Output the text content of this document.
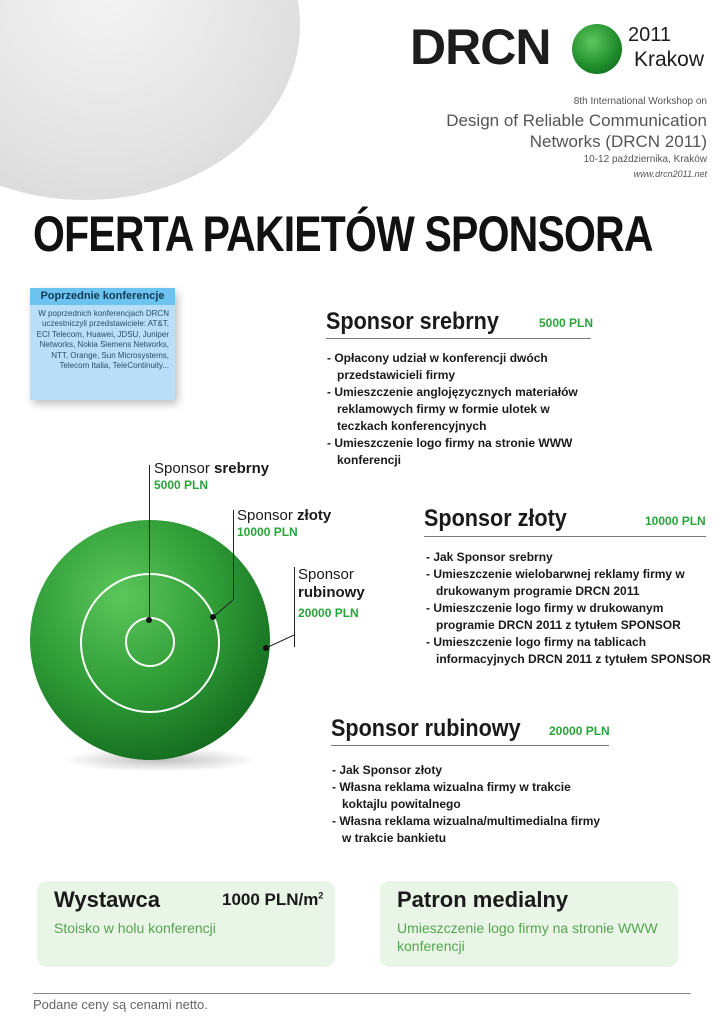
DRCN	2011
Krakow
8th International Workshop on
Design of Reliable Communication
Networks (DRCN 2011)
10-12 października, Kraków
www.drcn2011.net
OFERTA PAKIETÓW SPONSORA
Poprzednie konferencje
W poprzednich konferencjach DRCN uczestniczyli przedstawiciele: AT&T, ECI Telecom, Huawei, JDSU, Juniper Networks, Nokia Siemens Networks, NTT, Orange, Sun Microsystems, Telecom Italia, TeleContinuity...
Sponsor srebrny	5000 PLN

- Opłacony udział w konferencji dwóch przedstawicieli firmy

- Umieszczenie anglojęzycznych materiałów reklamowych firmy w formie ulotek w teczkach konferencyjnych

- Umieszczenie logo firmy na stronie WWW konferencji

Sponsor złoty	10000 PLN

- Jak Sponsor srebrny

- Umieszczenie wielobarwnej reklamy firmy w drukowanym programie DRCN 2011

- Umieszczenie logo firmy w drukowanym programie DRCN 2011 z tytułem SPONSOR

- Umieszczenie logo firmy na tablicach informacyjnych DRCN 2011 z tytułem SPONSOR

Sponsor rubinowy 20000 PLN

- Jak Sponsor złoty

- Własna reklama wizualna firmy w trakcie koktajlu powitalnego

- Własna reklama wizualna/multimedialna firmy w trakcie bankietu

Sponsor srebrny
5000 PLN
Sponsor złoty
10000 PLN
Sponsor
rubinowy
20000 PLN
Wystawca	1000 PLN/$m^2$
Stoisko w holu konferencji
Patron medialny
Umieszczenie logo firmy na stronie WWW konferencji
Podane ceny są cenami netto.
